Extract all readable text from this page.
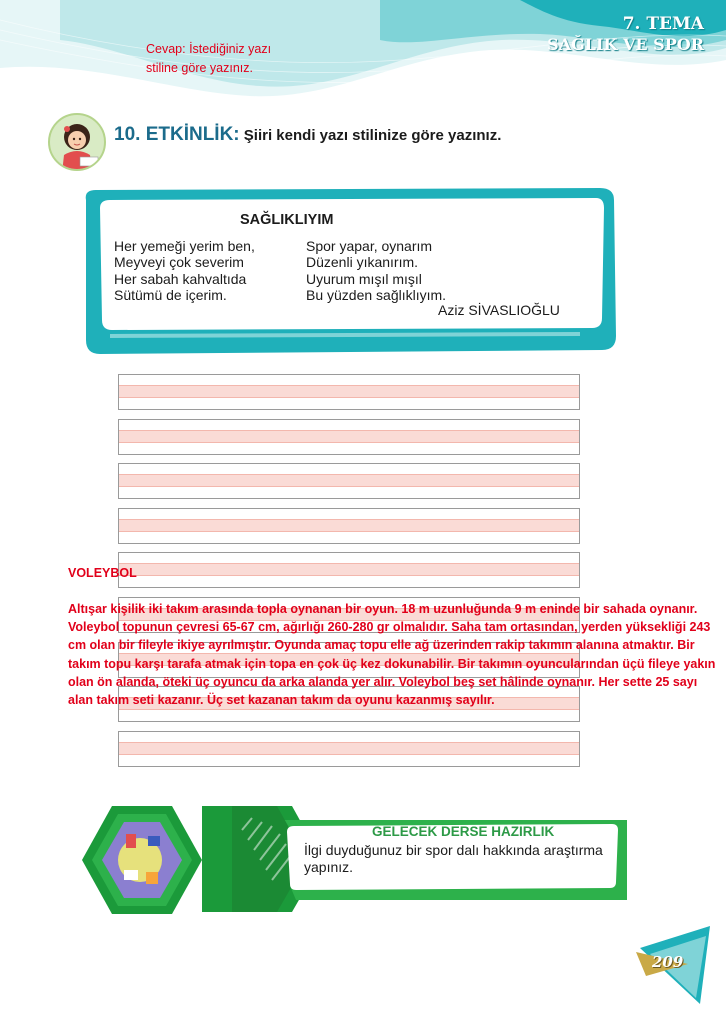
7. TEMA
SAĞLIK VE SPOR
Cevap: İstediğiniz yazı
stiline göre yazınız.
10. ETKİNLİK: Şiiri kendi yazı stilinize göre yazınız.
SAĞLIKLIYIM
Her yemeği yerim ben,
Meyveyi çok severim
Her sabah kahvaltıda
Sütümü de içerim.
Spor yapar, oynarım
Düzenli yıkanırım.
Uyurum mışıl mışıl
Bu yüzden sağlıklıyım.
Aziz SİVASLIOĞLU
VOLEYBOL

Altışar kişilik iki takım arasında topla oynanan bir oyun. 18 m uzunluğunda 9 m eninde bir sahada oynanır. Voleybol topunun çevresi 65-67 cm, ağırlığı 260-280 gr olmalıdır. Saha tam ortasından, yerden yüksekliği 243 cm olan bir fileyle ikiye ayrılmıştır. Oyunda amaç topu elle ağ üzerinden rakip takımın alanına atmaktır. Bir takım topu karşı tarafa atmak için topa en çok üç kez dokunabilir. Bir takımın oyuncularından üçü fileye yakın olan ön alanda, öteki üç oyuncu da arka alanda yer alır. Voleybol beş set hâlinde oynanır. Her sette 25 sayı alan takım seti kazanır. Üç set kazanan takım da oyunu kazanmış sayılır.

GELECEK DERSE HAZIRLIK
İlgi duyduğunuz bir spor dalı hakkında araştırma yapınız.
209
